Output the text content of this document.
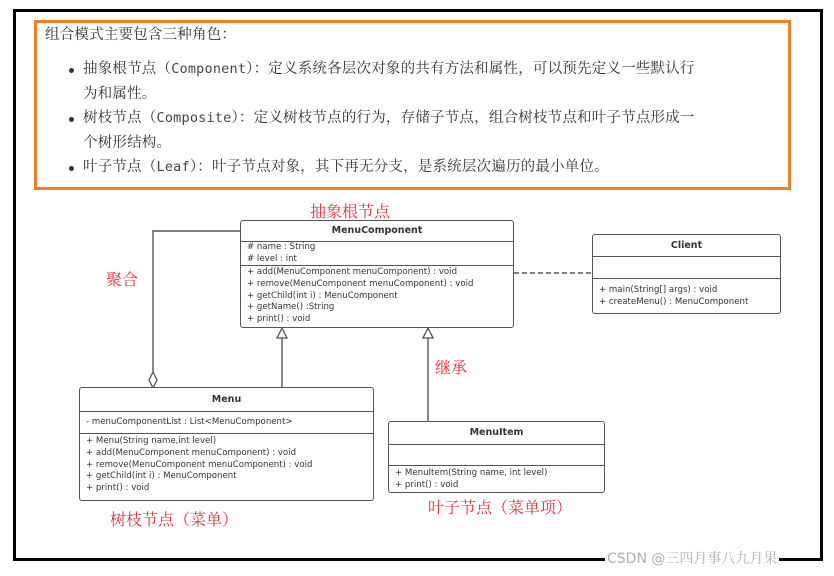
组合模式主要包含三种角色：
抽象根节点（Component）：定义系统各层次对象的共有方法和属性，可以预先定义一些默认行
为和属性。
树枝节点（Composite）：定义树枝节点的行为，存储子节点，组合树枝节点和叶子节点形成一
个树形结构。
叶子节点（Leaf）：叶子节点对象，其下再无分支，是系统层次遍历的最小单位。
MenuComponent
# name : String
# level : int
+ add(MenuComponent menuComponent) : void
+ remove(MenuComponent menuComponent) : void
+ getChild(int i) : MenuComponent
+ getName() :String
+ print() : void
Client
+ main(String[] args) : void
+ createMenu() : MenuComponent
Menu
- menuComponentList : List<MenuComponent>
+ Menu(String name,int level)
+ add(MenuComponent menuComponent) : void
+ remove(MenuComponent menuComponent) : void
+ getChild(int i) : MenuComponent
+ print() : void
MenuItem
+ MenuItem(String name, int level)
+ print() : void
抽象根节点
聚合
继承
树枝节点（菜单）
叶子节点（菜单项）
CSDN @三四月事八九月果
